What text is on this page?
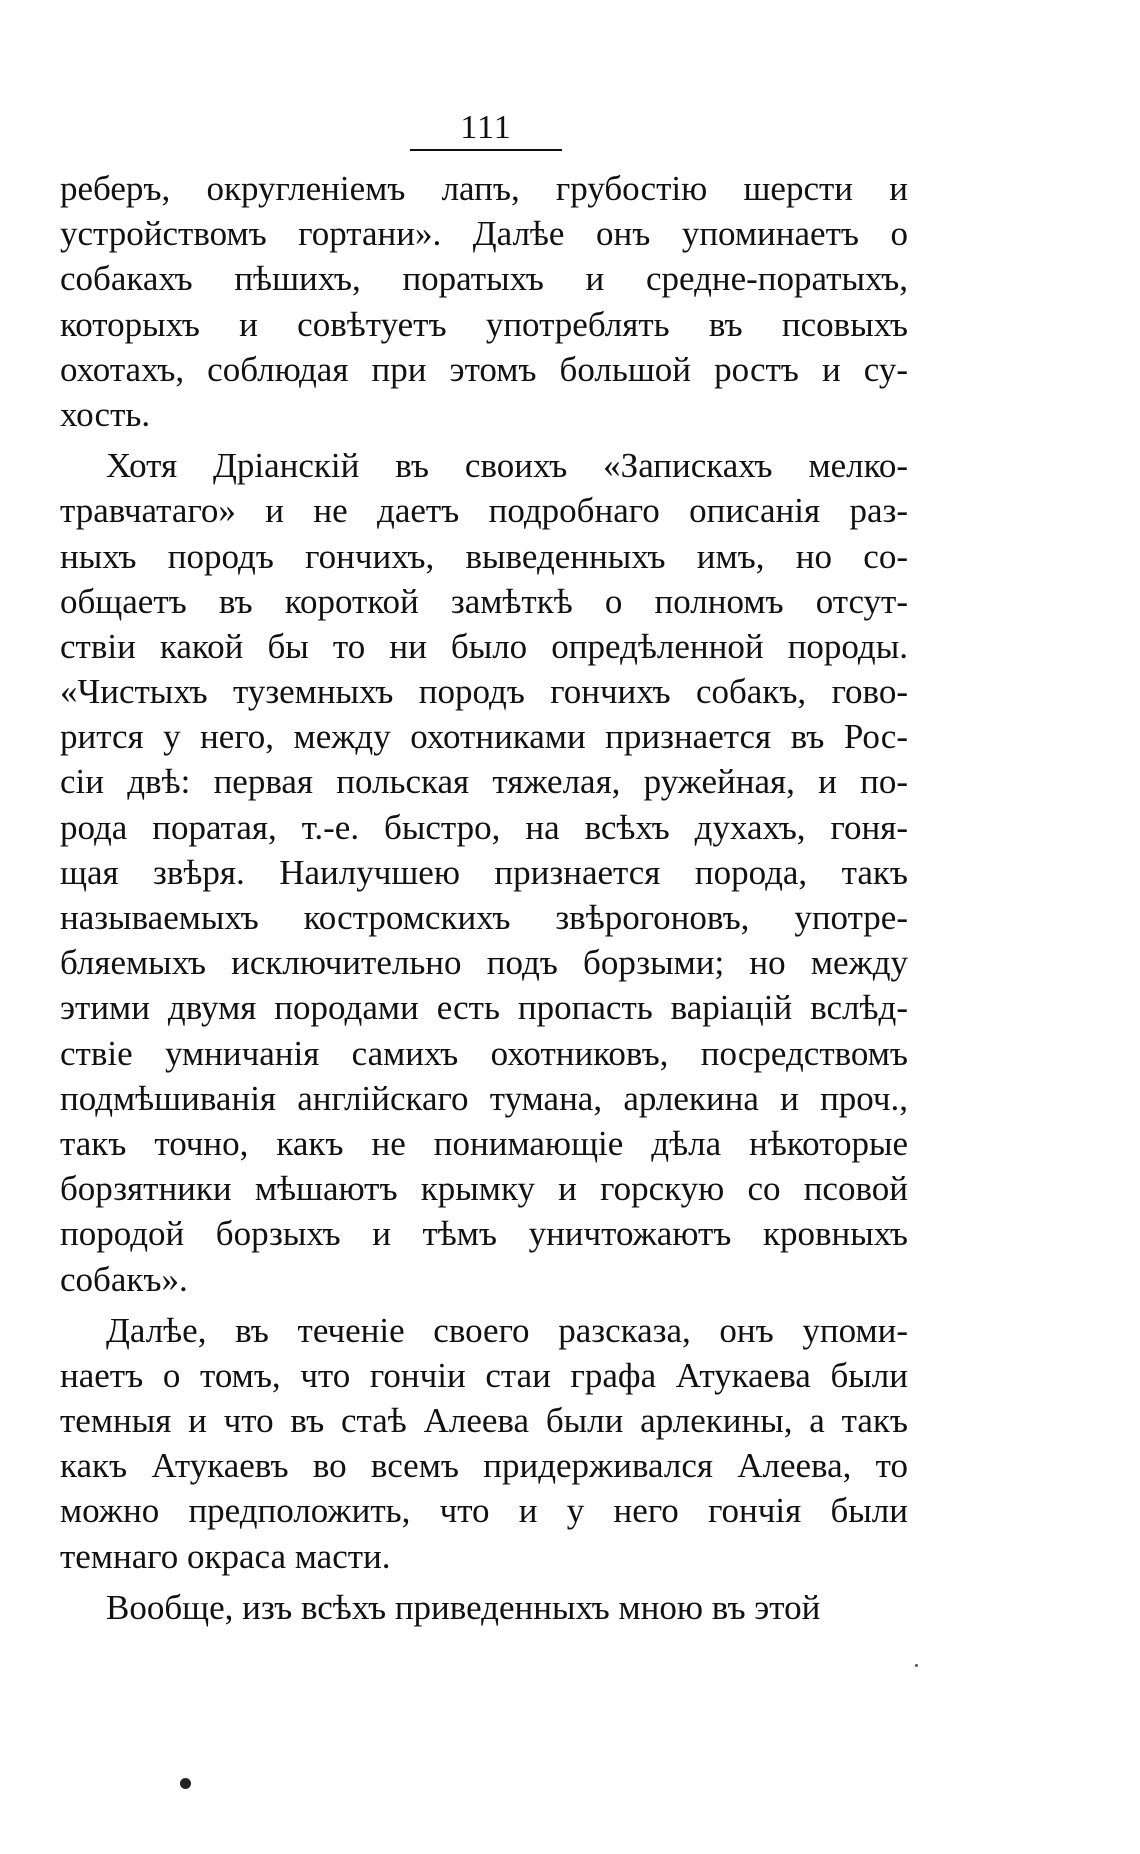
111
реберъ, округленіемъ лапъ, грубостію шерсти и
устройствомъ гортани». Далѣе онъ упоминаетъ о
собакахъ пѣшихъ, поратыхъ и средне-поратыхъ,
которыхъ и совѣтуетъ употреблять въ псовыхъ
охотахъ, соблюдая при этомъ большой ростъ и су-
хость.
Хотя Дріанскій въ своихъ «Запискахъ мелко-
травчатаго» и не даетъ подробнаго описанія раз-
ныхъ породъ гончихъ, выведенныхъ имъ, но со-
общаетъ въ короткой замѣткѣ о полномъ отсут-
ствіи какой бы то ни было опредѣленной породы.
«Чистыхъ туземныхъ породъ гончихъ собакъ, гово-
рится у него, между охотниками признается въ Рос-
сіи двѣ: первая польская тяжелая, ружейная, и по-
рода поратая, т.-е. быстро, на всѣхъ духахъ, гоня-
щая звѣря. Наилучшею признается порода, такъ
называемыхъ костромскихъ звѣрогоновъ, употре-
бляемыхъ исключительно подъ борзыми; но между
этими двумя породами есть пропасть варіацій вслѣд-
ствіе умничанія самихъ охотниковъ, посредствомъ
подмѣшиванія англійскаго тумана, арлекина и проч.,
такъ точно, какъ не понимающіе дѣла нѣкоторые
борзятники мѣшаютъ крымку и горскую со псовой
породой борзыхъ и тѣмъ уничтожаютъ кровныхъ
собакъ».
Далѣе, въ теченіе своего разсказа, онъ упоми-
наетъ о томъ, что гончіи стаи графа Атукаева были
темныя и что въ стаѣ Алеева были арлекины, а такъ
какъ Атукаевъ во всемъ придерживался Алеева, то
можно предположить, что и у него гончія были
темнаго окраса масти.
Вообще, изъ всѣхъ приведенныхъ мною въ этой
